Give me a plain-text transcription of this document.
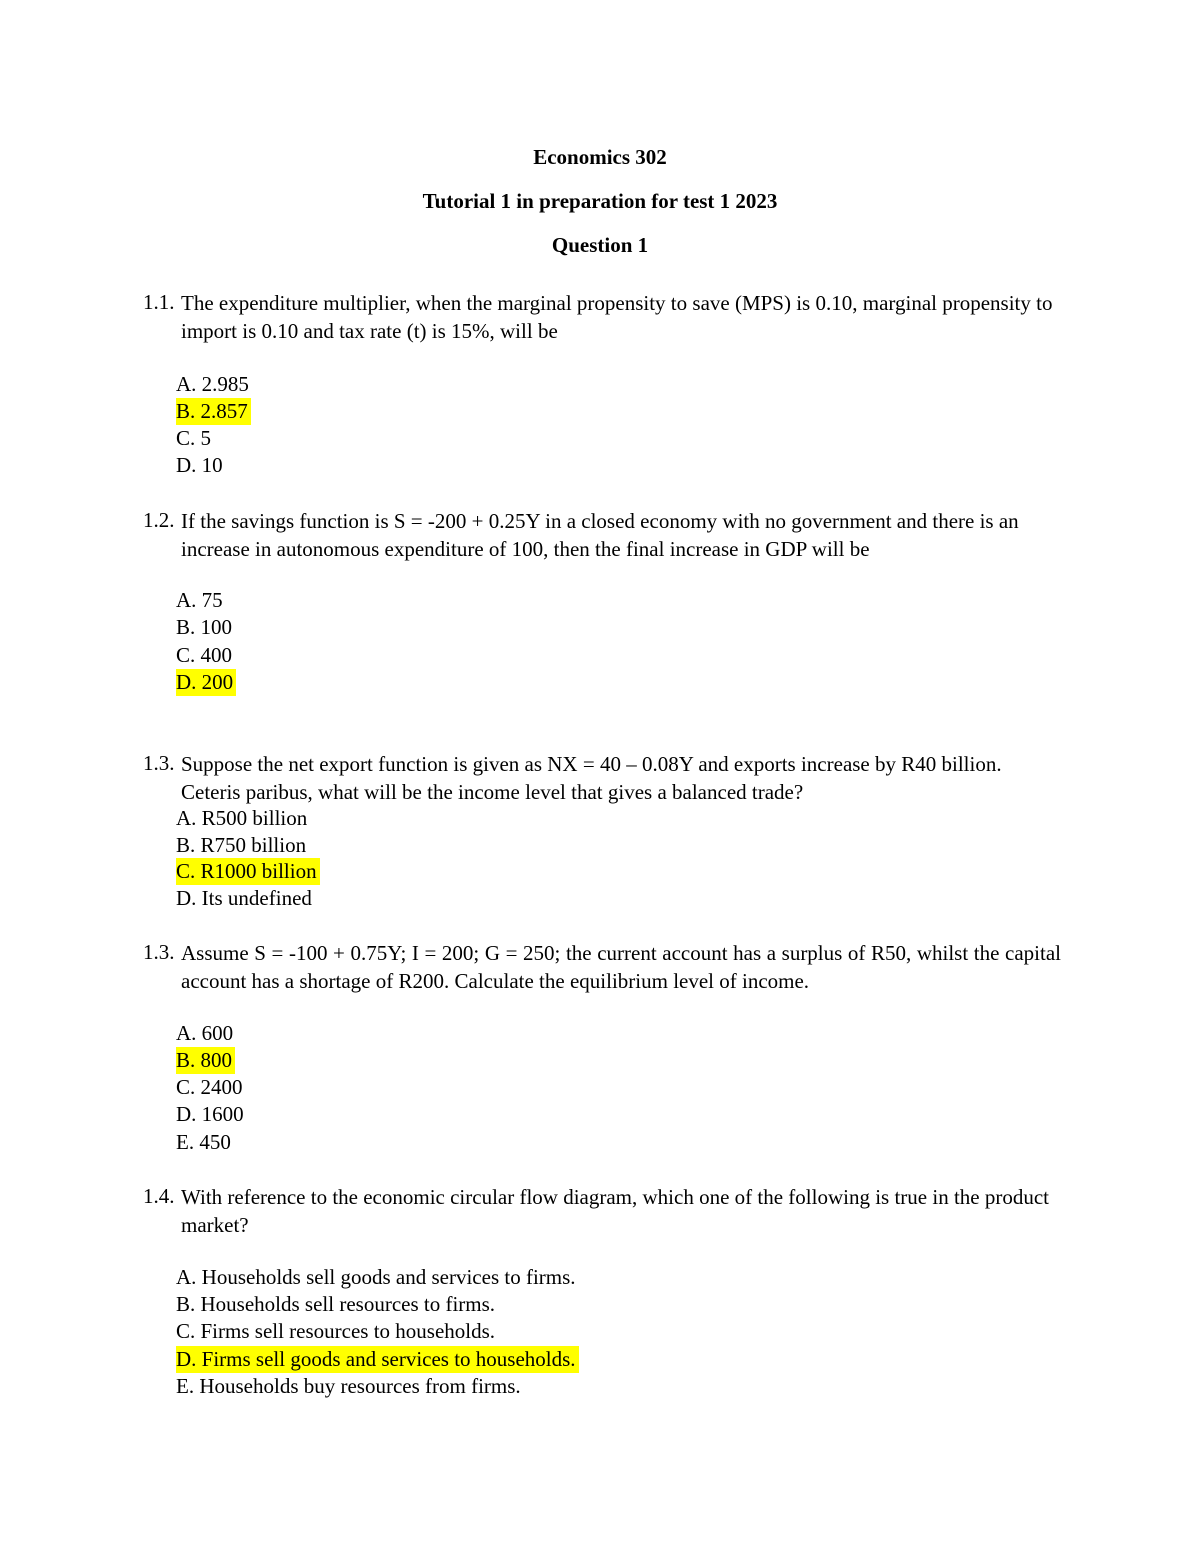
Economics 302
Tutorial 1 in preparation for test 1 2023
Question 1
1.1. The expenditure multiplier, when the marginal propensity to save (MPS) is 0.10, marginal propensity to import is 0.10 and tax rate (t) is 15%, will be
A. 2.985
B. 2.857
C. 5
D. 10
1.2. If the savings function is S = -200 + 0.25Y in a closed economy with no government and there is an increase in autonomous expenditure of 100, then the final increase in GDP will be
A. 75
B. 100
C. 400
D. 200
1.3. Suppose the net export function is given as NX = 40 – 0.08Y and exports increase by R40 billion. Ceteris paribus, what will be the income level that gives a balanced trade?
A. R500 billion
B. R750 billion
C. R1000 billion
D. Its undefined
1.3. Assume S = -100 + 0.75Y; I = 200; G = 250; the current account has a surplus of R50, whilst the capital account has a shortage of R200. Calculate the equilibrium level of income.
A. 600
B. 800
C. 2400
D. 1600
E. 450
1.4. With reference to the economic circular flow diagram, which one of the following is true in the product market?
A. Households sell goods and services to firms.
B. Households sell resources to firms.
C. Firms sell resources to households.
D. Firms sell goods and services to households.
E. Households buy resources from firms.
